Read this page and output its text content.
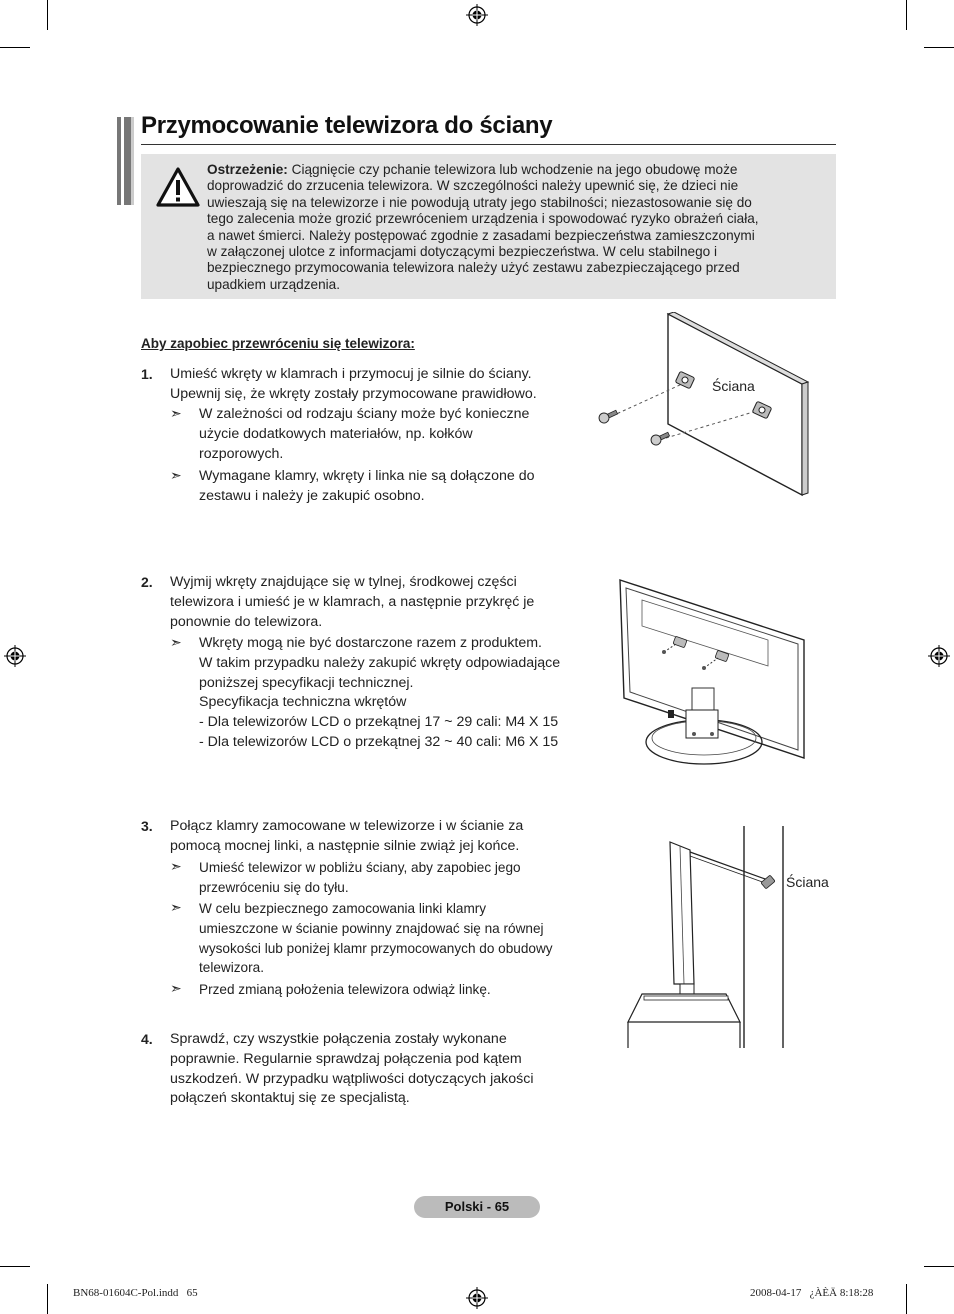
Przymocowanie telewizora do ściany
Ostrzeżenie: Ciągnięcie czy pchanie telewizora lub wchodzenie na jego obudowę może
doprowadzić do zrzucenia telewizora. W szczególności należy upewnić się, że dzieci nie
uwieszają się na telewizorze i nie powodują utraty jego stabilności; niezastosowanie się do
tego zalecenia może grozić przewróceniem urządzenia i spowodować ryzyko obrażeń ciała,
a nawet śmierci. Należy postępować zgodnie z zasadami bezpieczeństwa zamieszczonymi
w załączonej ulotce z informacjami dotyczącymi bezpieczeństwa. W celu stabilnego i
bezpiecznego przymocowania telewizora należy użyć zestawu zabezpieczającego przed
upadkiem urządzenia.
Aby zapobiec przewróceniu się telewizora:
1. Umieść wkręty w klamrach i przymocuj je silnie do ściany.
Upewnij się, że wkręty zostały przymocowane prawidłowo.
➣ W zależności od rodzaju ściany może być konieczne
użycie dodatkowych materiałów, np. kołków
rozporowych.
➣ Wymagane klamry, wkręty i linka nie są dołączone do
zestawu i należy je zakupić osobno.
Ściana
2. Wyjmij wkręty znajdujące się w tylnej, środkowej części
telewizora i umieść je w klamrach, a następnie przykręć je
ponownie do telewizora.
➣ Wkręty mogą nie być dostarczone razem z produktem.
W takim przypadku należy zakupić wkręty odpowiadające
poniższej specyfikacji technicznej.
Specyfikacja techniczna wkrętów
- Dla telewizorów LCD o przekątnej 17 ~ 29 cali: M4 X 15
- Dla telewizorów LCD o przekątnej 32 ~ 40 cali: M6 X 15
3. Połącz klamry zamocowane w telewizorze i w ścianie za
pomocą mocnej linki, a następnie silnie zwiąż jej końce.
➣ Umieść telewizor w pobliżu ściany, aby zapobiec jego
przewróceniu się do tyłu.
➣ W celu bezpiecznego zamocowania linki klamry
umieszczone w ścianie powinny znajdować się na równej
wysokości lub poniżej klamr przymocowanych do obudowy
telewizora.
➣ Przed zmianą położenia telewizora odwiąż linkę.
Ściana
4. Sprawdź, czy wszystkie połączenia zostały wykonane
poprawnie. Regularnie sprawdzaj połączenia pod kątem
uszkodzeń. W przypadku wątpliwości dotyczących jakości
połączeń skontaktuj się ze specjalistą.
Polski - 65
BN68-01604C-Pol.indd   65	2008-04-17   ¿ÀÈÄ 8:18:28
